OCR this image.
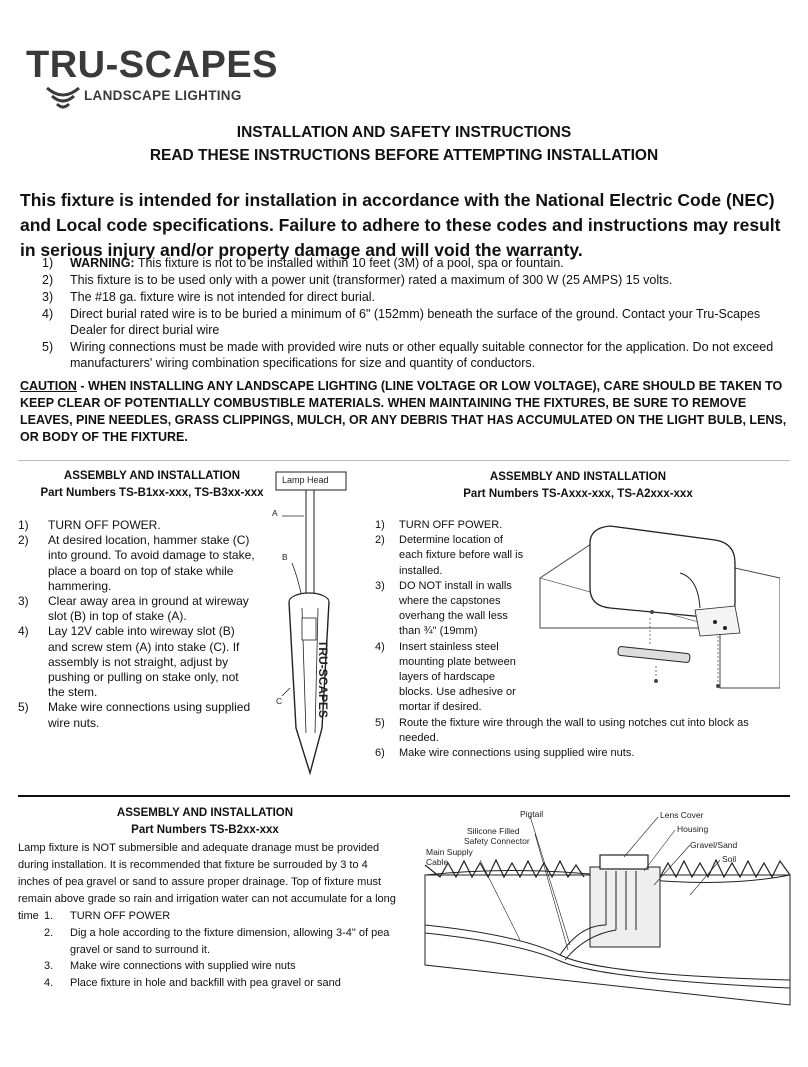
TRU-SCAPES
LANDSCAPE LIGHTING
INSTALLATION AND SAFETY INSTRUCTIONS
READ THESE INSTRUCTIONS BEFORE ATTEMPTING INSTALLATION
This fixture is intended for installation in accordance with the National Electric Code (NEC) and Local code specifications. Failure to adhere to these codes and instructions may result in serious injury and/or property damage and will void the warranty.
1) WARNING: This fixture is not to be installed within 10 feet (3M) of a pool, spa or fountain.
2) This fixture is to be used only with a power unit (transformer) rated a maximum of 300 W (25 AMPS) 15 volts.
3) The #18 ga. fixture wire is not intended for direct burial.
4) Direct burial rated wire is to be buried a minimum of 6" (152mm) beneath the surface of the ground. Contact your Tru-Scapes Dealer for direct burial wire
5) Wiring connections must be made with provided wire nuts or other equally suitable connector for the application. Do not exceed manufacturers' wiring combination specifications for size and quantity of conductors.
CAUTION - WHEN INSTALLING ANY LANDSCAPE LIGHTING (LINE VOLTAGE OR LOW VOLTAGE), CARE SHOULD BE TAKEN TO KEEP CLEAR OF POTENTIALLY COMBUSTIBLE MATERIALS. WHEN MAINTAINING THE FIXTURES, BE SURE TO REMOVE LEAVES, PINE NEEDLES, GRASS CLIPPINGS, MULCH, OR ANY DEBRIS THAT HAS ACCUMULATED ON THE LIGHT BULB, LENS, OR BODY OF THE FIXTURE.
ASSEMBLY AND INSTALLATION
Part Numbers TS-B1xx-xxx, TS-B3xx-xxx
1) TURN OFF POWER.
2) At desired location, hammer stake (C) into ground. To avoid damage to stake, place a board on top of stake while hammering.
3) Clear away area in ground at wireway slot (B) in top of stake (A).
4) Lay 12V cable into wireway slot (B) and screw stem (A) into stake (C). If assembly is not straight, adjust by pushing or pulling on stake only, not the stem.
5) Make wire connections using supplied wire nuts.
TRU-SCAPES
Lamp Head
A
B
C
ASSEMBLY AND INSTALLATION
Part Numbers TS-Axxx-xxx, TS-A2xxx-xxx
1) TURN OFF POWER.
2) Determine location of each fixture before wall is installed.
3) DO NOT install in walls where the capstones overhang the wall less than ¾" (19mm)
4) Insert stainless steel mounting plate between layers of hardscape blocks. Use adhesive or mortar if desired.
5) Route the fixture wire through the wall to using notches cut into block as needed.
6) Make wire connections using supplied wire nuts.
ASSEMBLY AND INSTALLATION
Part Numbers TS-B2xx-xxx
Lamp fixture is NOT submersible and adequate dranage must be provided during installation. It is recommended that fixture be surrouded by 3 to 4 inches of pea gravel or sand to assure proper drainage. Top of fixture must remain above grade so rain and irrigation water can not accumulate for a long time 1. TURN OFF POWER
2. Dig a hole according to the fixture dimension, allowing 3-4" of pea gravel or sand to surround it.
3. Make wire connections with supplied wire nuts
4. Place fixture in hole and backfill with pea gravel or sand
Pigtail
Silicone Filled
Safety Connector
Main Supply
Cable
Lens Cover
Housing
Gravel/Sand
Soil
